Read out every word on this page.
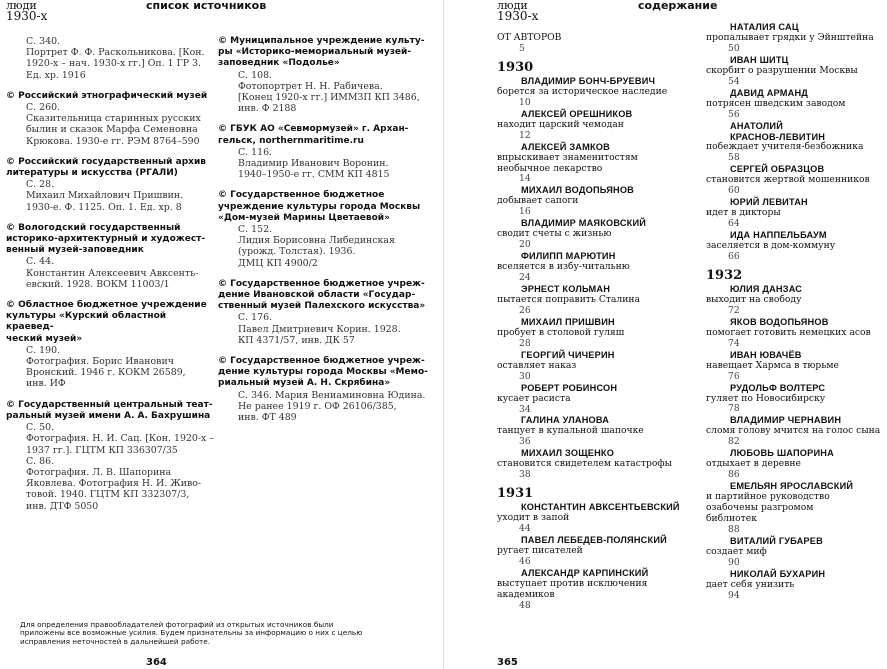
люди
1930-х
список источников

С. 340.

Портрет Ф. Ф. Раскольникова. [Кон.

1920-х – нач. 1930-х гг.] Оп. 1 ГР 3.

Ед. хр. 1916

© Российский этнографический музей

С. 260.

Сказительница старинных русских

былин и сказок Марфа Семеновна

Крюкова. 1930-е гг. РЭМ 8764–590

© Российский государственный архив
литературы и искусства (РГАЛИ)

С. 28.

Михаил Михайлович Пришвин.

1930-е. Ф. 1125. Оп. 1. Ед. хр. 8

© Вологодский государственный
историко-архитектурный и художест-
венный музей-заповедник

С. 44.

Константин Алексеевич Авксенть-

евский. 1928. ВОКМ 11003/1

© Областное бюджетное учреждение
культуры «Курский областной краевед-
ческий музей»

С. 190.

Фотография. Борис Иванович

Вронский. 1946 г. КОКМ 26589,

инв. ИФ

© Государственный центральный теат-
ральный музей имени А. А. Бахрушина

С. 50.

Фотография. Н. И. Сац. [Кон. 1920-х –

1937 гг.]. ГЦТМ КП 336307/35

С. 86.

Фотография. Л. В. Шапорина

Яковлева. Фотография Н. И. Живо-

товой. 1940. ГЦТМ КП 332307/3,

инв. ДТФ 5050

© Муниципальное учреждение культу-
ры «Историко-мемориальный музей-
заповедник «Подолье»

С. 108.

Фотопортрет Н. Н. Рабичева.

[Конец 1920-х гг.] ИММЗП КП 3486,

инв. Ф 2188

© ГБУК АО «Севмормузей» г. Архан-
гельск, northernmaritime.ru

С. 116.

Владимир Иванович Воронин.

1940–1950-е гг. СММ КП 4815

© Государственное бюджетное
учреждение культуры города Москвы
«Дом-музей Марины Цветаевой»

С. 152.

Лидия Борисовна Либединская

(урожд. Толстая). 1936.

ДМЦ КП 4900/2

© Государственное бюджетное учреж-
дение Ивановской области «Государ-
ственный музей Палехского искусства»

С. 176.

Павел Дмитриевич Корин. 1928.

КП 4371/57, инв. ДК 57

© Государственное бюджетное учреж-
дение культуры города Москвы «Мемо-
риальный музей А. Н. Скрябина»

С. 346. Мария Вениаминовна Юдина.

Не ранее 1919 г. ОФ 26106/385,

инв. ФТ 489

Для определения правообладателей фотографий из открытых источников были приложены все возможные усилия. Будем признательны за информацию о них с целью исправления неточностей в дальнейшей работе.
364
люди
1930-х
содержание
ОТ АВТОРОВ
5
1930
ВЛАДИМИР БОНЧ-БРУЕВИЧ
борется за историческое наследие
10
АЛЕКСЕЙ ОРЕШНИКОВ
находит царский чемодан
12
АЛЕКСЕЙ ЗАМКОВ
впрыскивает знаменитостям
необычное лекарство
14
МИХАИЛ ВОДОПЬЯНОВ
добывает сапоги
16
ВЛАДИМИР МАЯКОВСКИЙ
сводит счеты с жизнью
20
ФИЛИПП МАРЮТИН
вселяется в избу-читальню
24
ЭРНЕСТ КОЛЬМАН
пытается поправить Сталина
26
МИХАИЛ ПРИШВИН
пробует в столовой гуляш
28
ГЕОРГИЙ ЧИЧЕРИН
оставляет наказ
30
РОБЕРТ РОБИНСОН
кусает расиста
34
ГАЛИНА УЛАНОВА
танцует в купальной шапочке
36
МИХАИЛ ЗОЩЕНКО
становится свидетелем катастрофы
38
1931
КОНСТАНТИН АВКСЕНТЬЕВСКИЙ
уходит в запой
44
ПАВЕЛ ЛЕБЕДЕВ-ПОЛЯНСКИЙ
ругает писателей
46
АЛЕКСАНДР КАРПИНСКИЙ
выступает против исключения
академиков
48
НАТАЛИЯ САЦ
пропалывает грядки у Эйнштейна
50
ИВАН ШИТЦ
скорбит о разрушении Москвы
54
ДАВИД АРМАНД
потрясен шведским заводом
56
АНАТОЛИЙ
КРАСНОВ-ЛЕВИТИН
побеждает учителя-безбожника
58
СЕРГЕЙ ОБРАЗЦОВ
становится жертвой мошенников
60
ЮРИЙ ЛЕВИТАН
идет в дикторы
64
ИДА НАППЕЛЬБАУМ
заселяется в дом-коммуну
66
1932
ЮЛИЯ ДАНЗАС
выходит на свободу
72
ЯКОВ ВОДОПЬЯНОВ
помогает готовить немецких асов
74
ИВАН ЮВАЧЁВ
навещает Хармса в тюрьме
76
РУДОЛЬФ ВОЛТЕРС
гуляет по Новосибирску
78
ВЛАДИМИР ЧЕРНАВИН
сломя голову мчится на голос сына
82
ЛЮБОВЬ ШАПОРИНА
отдыхает в деревне
86
ЕМЕЛЬЯН ЯРОСЛАВСКИЙ
и партийное руководство
озабочены разгромом
библиотек
88
ВИТАЛИЙ ГУБАРЕВ
создает миф
90
НИКОЛАЙ БУХАРИН
дает себя унизить
94
365
